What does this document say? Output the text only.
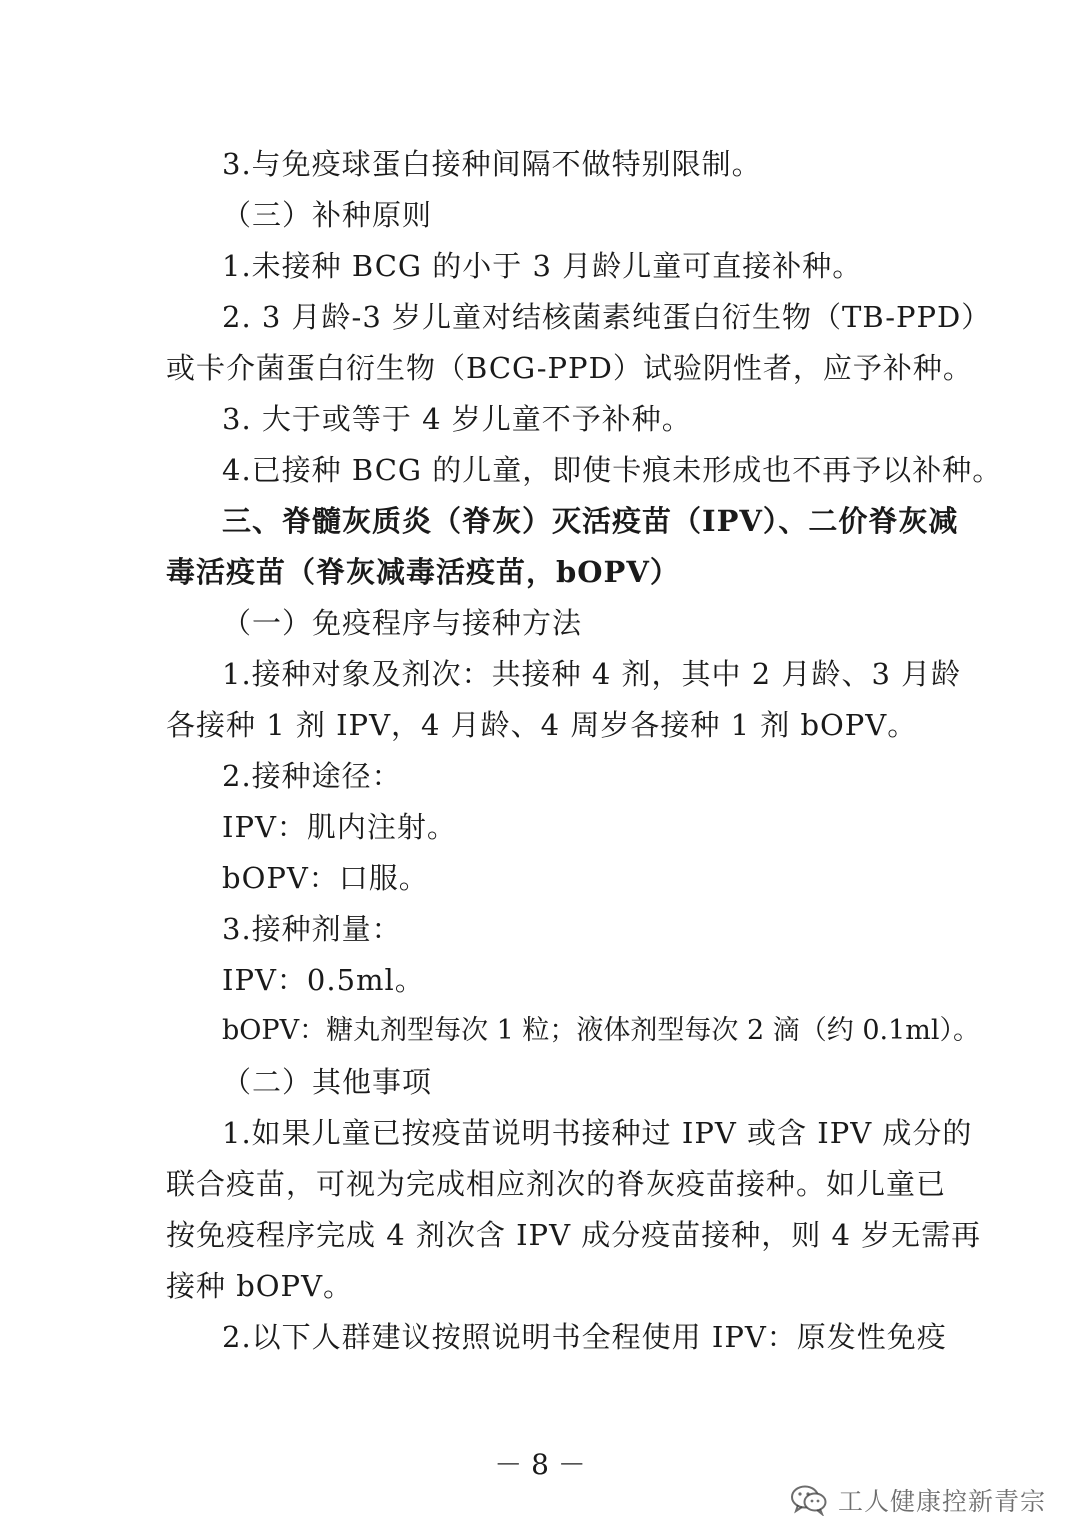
3.与免疫球蛋白接种间隔不做特别限制。
（三）补种原则
1.未接种 BCG 的小于 3 月龄儿童可直接补种。
2. 3 月龄-3 岁儿童对结核菌素纯蛋白衍生物（TB-PPD）
或卡介菌蛋白衍生物（BCG-PPD）试验阴性者，应予补种。
3. 大于或等于 4 岁儿童不予补种。
4.已接种 BCG 的儿童，即使卡痕未形成也不再予以补种。
三、脊髓灰质炎（脊灰）灭活疫苗（IPV）、二价脊灰减
毒活疫苗（脊灰减毒活疫苗，bOPV）
（一）免疫程序与接种方法
1.接种对象及剂次：共接种 4 剂，其中 2 月龄、3 月龄
各接种 1 剂 IPV，4 月龄、4 周岁各接种 1 剂 bOPV。
2.接种途径：
IPV：肌内注射。
bOPV：口服。
3.接种剂量：
IPV：0.5ml。
bOPV：糖丸剂型每次 1 粒；液体剂型每次 2 滴（约 0.1ml）。
（二）其他事项
1.如果儿童已按疫苗说明书接种过 IPV 或含 IPV 成分的
联合疫苗，可视为完成相应剂次的脊灰疫苗接种。如儿童已
按免疫程序完成 4 剂次含 IPV 成分疫苗接种，则 4 岁无需再
接种 bOPV。
2.以下人群建议按照说明书全程使用 IPV：原发性免疫
－ 8 －
工人健康控新青宗
